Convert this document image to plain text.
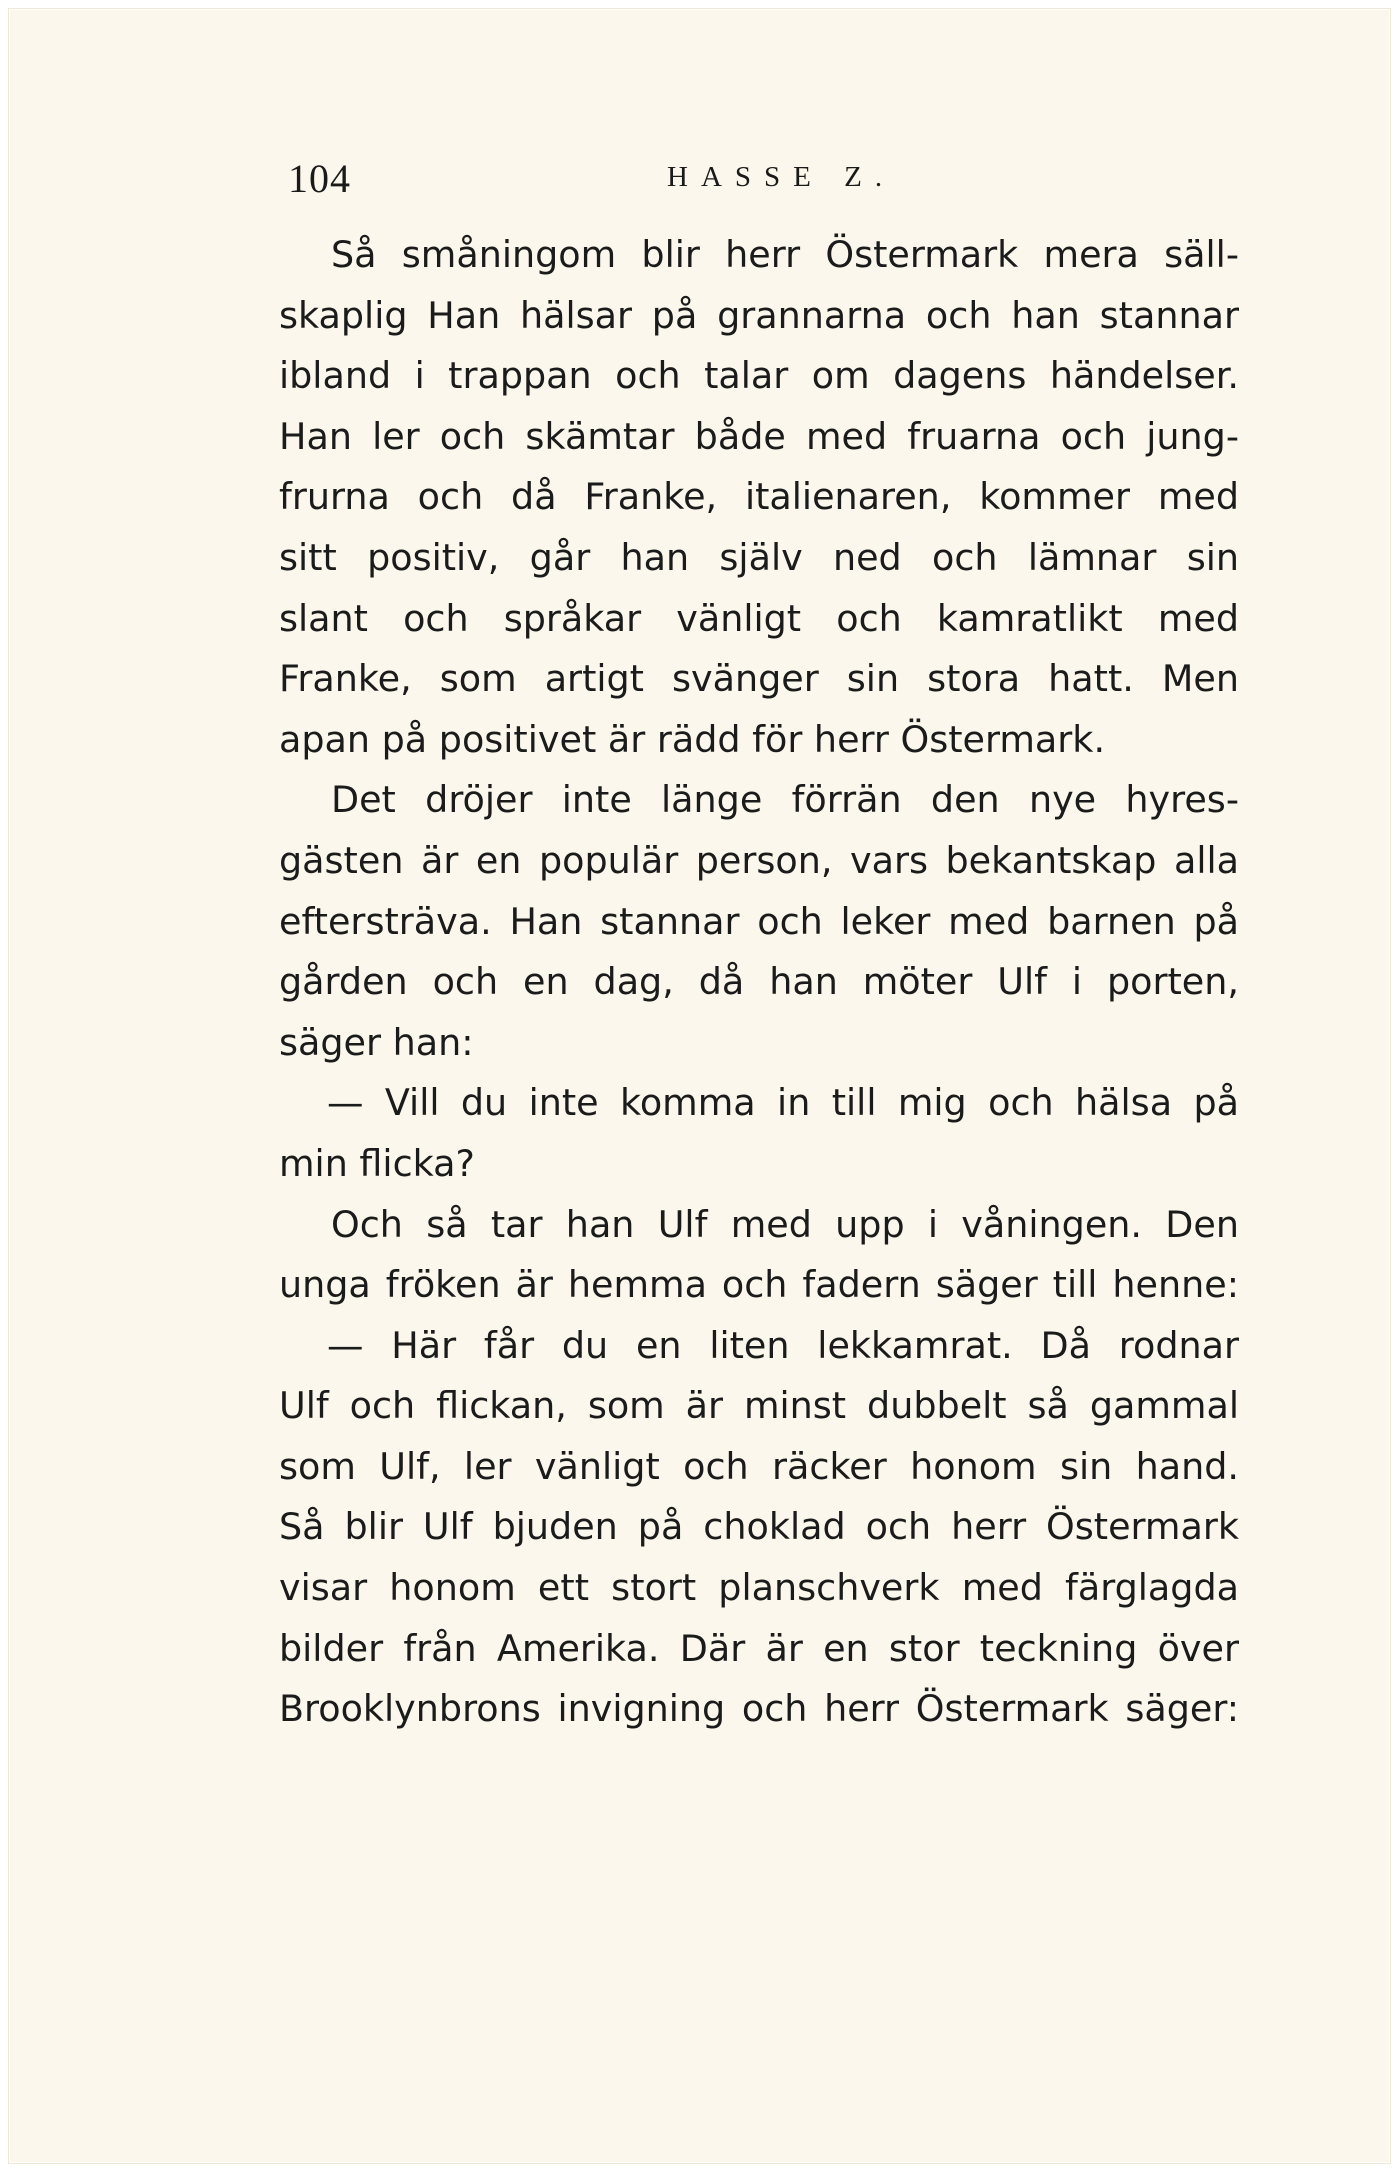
104	HASSE Z.
Så småningom blir herr Östermark mera säll-
skaplig Han hälsar på grannarna och han stannar
ibland i trappan och talar om dagens händelser.
Han ler och skämtar både med fruarna och jung-
frurna och då Franke, italienaren, kommer med
sitt positiv, går han själv ned och lämnar sin
slant och språkar vänligt och kamratlikt med
Franke, som artigt svänger sin stora hatt. Men
apan på positivet är rädd för herr Östermark.
Det dröjer inte länge förrän den nye hyres-
gästen är en populär person, vars bekantskap alla
eftersträva. Han stannar och leker med barnen på
gården och en dag, då han möter Ulf i porten,
säger han:
— Vill du inte komma in till mig och hälsa på
min flicka?
Och så tar han Ulf med upp i våningen. Den
unga fröken är hemma och fadern säger till henne:
— Här får du en liten lekkamrat. Då rodnar
Ulf och flickan, som är minst dubbelt så gammal
som Ulf, ler vänligt och räcker honom sin hand.
Så blir Ulf bjuden på choklad och herr Östermark
visar honom ett stort planschverk med färglagda
bilder från Amerika. Där är en stor teckning över
Brooklynbrons invigning och herr Östermark säger:
